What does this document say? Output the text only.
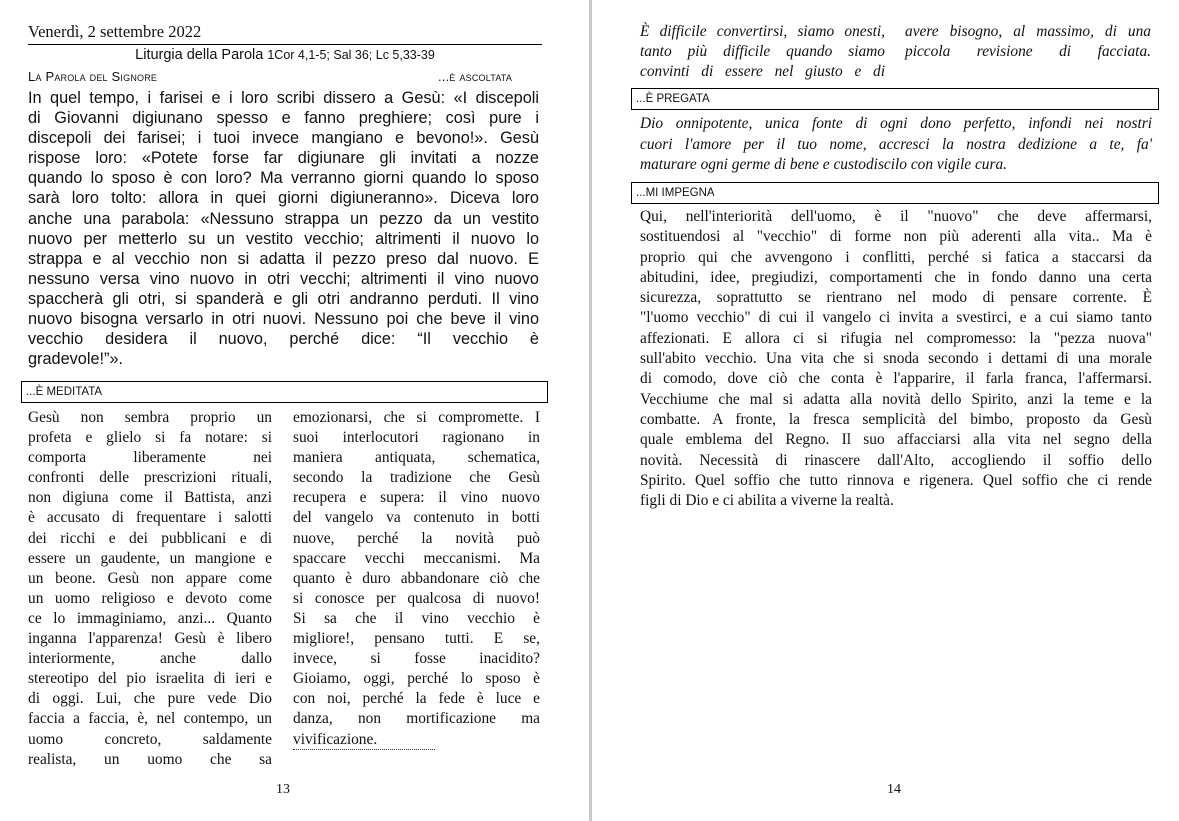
Venerdì, 2 settembre 2022
Liturgia della Parola 1Cor 4,1-5; Sal 36; Lc 5,33-39
La Parola del Signore	...è ascoltata
In quel tempo, i farisei e i loro scribi dissero a Gesù: «I discepoli
di Giovanni digiunano spesso e fanno preghiere; così pure i
discepoli dei farisei; i tuoi invece mangiano e bevono!». Gesù
rispose loro: «Potete forse far digiunare gli invitati a nozze
quando lo sposo è con loro? Ma verranno giorni quando lo sposo
sarà loro tolto: allora in quei giorni digiuneranno». Diceva loro
anche una parabola: «Nessuno strappa un pezzo da un vestito
nuovo per metterlo su un vestito vecchio; altrimenti il nuovo lo
strappa e al vecchio non si adatta il pezzo preso dal nuovo. E
nessuno versa vino nuovo in otri vecchi; altrimenti il vino nuovo
spaccherà gli otri, si spanderà e gli otri andranno perduti. Il vino
nuovo bisogna versarlo in otri nuovi. Nessuno poi che beve il vino
vecchio desidera il nuovo, perché dice: “Il vecchio è
gradevole!”».
...È MEDITATA
Gesù non sembra proprio un
profeta e glielo si fa notare: si
comporta liberamente nei
confronti delle prescrizioni rituali,
non digiuna come il Battista, anzi
è accusato di frequentare i salotti
dei ricchi e dei pubblicani e di
essere un gaudente, un mangione e
un beone. Gesù non appare come
un uomo religioso e devoto come
ce lo immaginiamo, anzi... Quanto
inganna l'apparenza! Gesù è libero
interiormente, anche dallo
stereotipo del pio israelita di ieri e
di oggi. Lui, che pure vede Dio
faccia a faccia, è, nel contempo, un
uomo concreto, saldamente
realista, un uomo che sa
emozionarsi, che si compromette. I
suoi interlocutori ragionano in
maniera antiquata, schematica,
secondo la tradizione che Gesù
recupera e supera: il vino nuovo
del vangelo va contenuto in botti
nuove, perché la novità può
spaccare vecchi meccanismi. Ma
quanto è duro abbandonare ciò che
si conosce per qualcosa di nuovo!
Si sa che il vino vecchio è
migliore!, pensano tutti. E se,
invece, si fosse inacidito?
Gioiamo, oggi, perché lo sposo è
con noi, perché la fede è luce e
danza, non mortificazione ma
vivificazione.
13
È difficile convertirsi, siamo onesti,
tanto più difficile quando siamo
convinti di essere nel giusto e di
avere bisogno, al massimo, di una
piccola revisione di facciata.
...È PREGATA
Dio onnipotente, unica fonte di ogni dono perfetto, infondi nei nostri
cuori l'amore per il tuo nome, accresci la nostra dedizione a te, fa'
maturare ogni germe di bene e custodiscilo con vigile cura.
...MI IMPEGNA
Qui, nell'interiorità dell'uomo, è il "nuovo" che deve affermarsi,
sostituendosi al "vecchio" di forme non più aderenti alla vita.. Ma è
proprio qui che avvengono i conflitti, perché si fatica a staccarsi da
abitudini, idee, pregiudizi, comportamenti che in fondo danno una certa
sicurezza, soprattutto se rientrano nel modo di pensare corrente. È
"l'uomo vecchio" di cui il vangelo ci invita a svestirci, e a cui siamo tanto
affezionati. E allora ci si rifugia nel compromesso: la "pezza nuova"
sull'abito vecchio. Una vita che si snoda secondo i dettami di una morale
di comodo, dove ciò che conta è l'apparire, il farla franca, l'affermarsi.
Vecchiume che mal si adatta alla novità dello Spirito, anzi la teme e la
combatte. A fronte, la fresca semplicità del bimbo, proposto da Gesù
quale emblema del Regno. Il suo affacciarsi alla vita nel segno della
novità. Necessità di rinascere dall'Alto, accogliendo il soffio dello
Spirito. Quel soffio che tutto rinnova e rigenera. Quel soffio che ci rende
figli di Dio e ci abilita a viverne la realtà.
14
